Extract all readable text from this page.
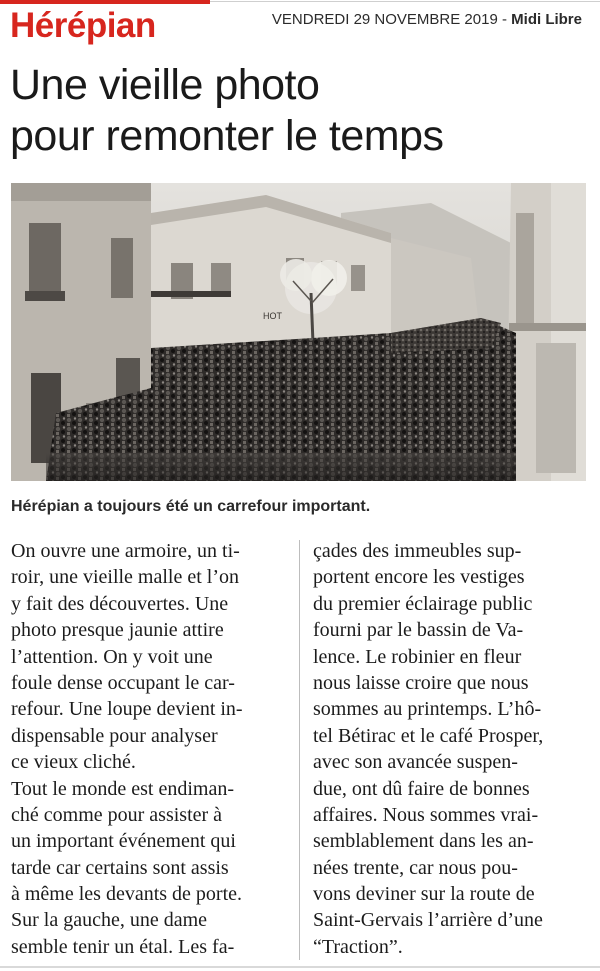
Hérépian	VENDREDI 29 NOVEMBRE 2019 - Midi Libre
Une vieille photo
pour remonter le temps
HOT
Hérépian a toujours été un carrefour important.
On ouvre une armoire, un ti-
roir, une vieille malle et l’on
y fait des découvertes. Une
photo presque jaunie attire
l’attention. On y voit une
foule dense occupant le car-
refour. Une loupe devient in-
dispensable pour analyser
ce vieux cliché.
Tout le monde est endiman-
ché comme pour assister à
un important événement qui
tarde car certains sont assis
à même les devants de porte.
Sur la gauche, une dame
semble tenir un étal. Les fa-
çades des immeubles sup-
portent encore les vestiges
du premier éclairage public
fourni par le bassin de Va-
lence. Le robinier en fleur
nous laisse croire que nous
sommes au printemps. L’hô-
tel Bétirac et le café Prosper,
avec son avancée suspen-
due, ont dû faire de bonnes
affaires. Nous sommes vrai-
semblablement dans les an-
nées trente, car nous pou-
vons deviner sur la route de
Saint-Gervais l’arrière d’une
“Traction”.
